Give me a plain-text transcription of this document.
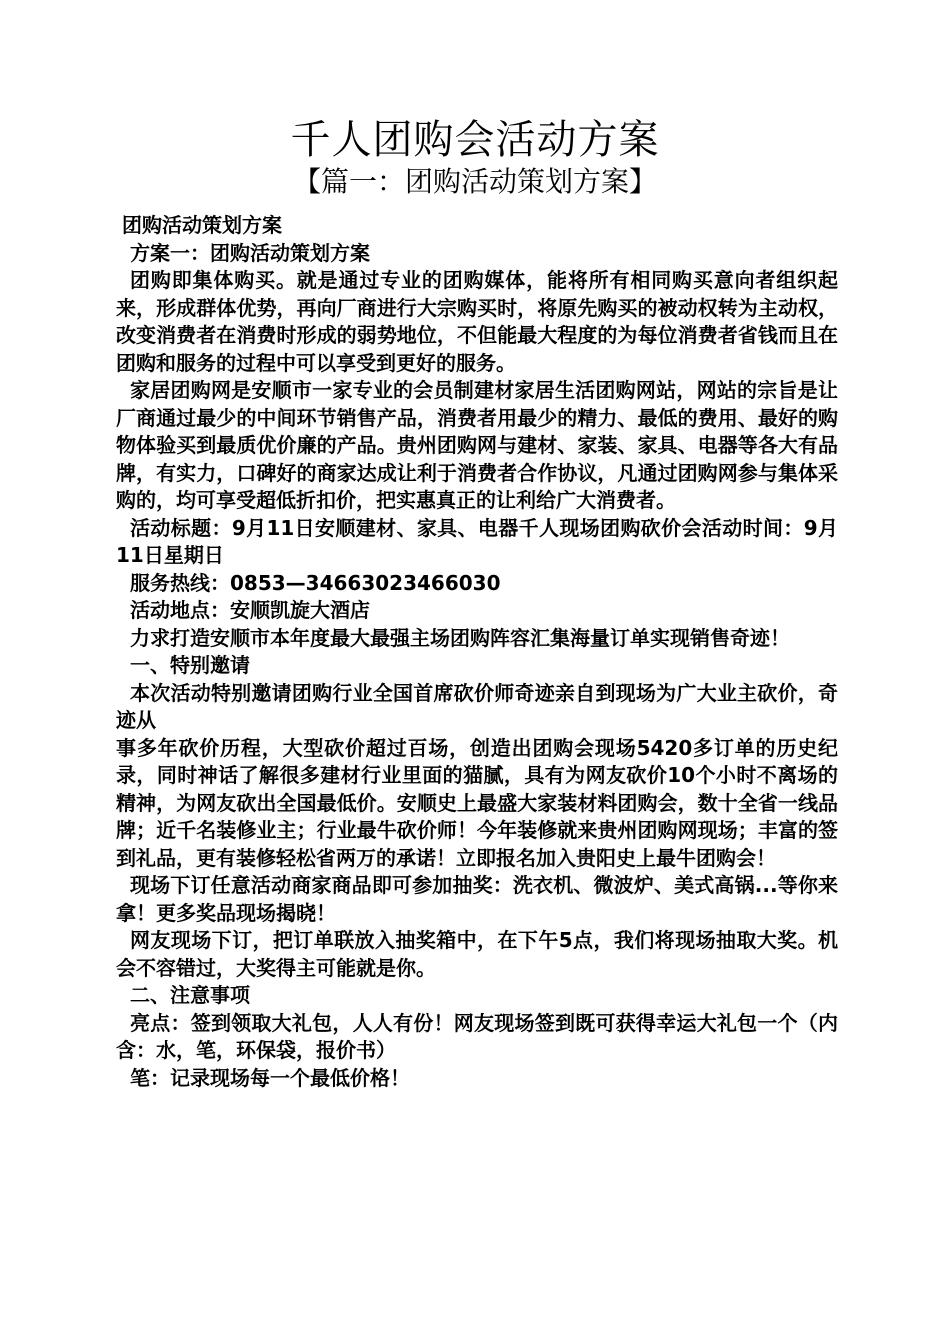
千人团购会活动方案
【篇一：团购活动策划方案】

团购活动策划方案

方案一：团购活动策划方案

团购即集体购买。就是通过专业的团购媒体，能将所有相同购买意向者组织起来，形成群体优势，再向厂商进行大宗购买时，将原先购买的被动权转为主动权，改变消费者在消费时形成的弱势地位，不但能最大程度的为每位消费者省钱而且在团购和服务的过程中可以享受到更好的服务。

家居团购网是安顺市一家专业的会员制建材家居生活团购网站，网站的宗旨是让厂商通过最少的中间环节销售产品，消费者用最少的精力、最低的费用、最好的购物体验买到最质优价廉的产品。贵州团购网与建材、家装、家具、电器等各大有品牌，有实力，口碑好的商家达成让利于消费者合作协议，凡通过团购网参与集体采购的，均可享受超低折扣价，把实惠真正的让利给广大消费者。

活动标题：9月11日安顺建材、家具、电器千人现场团购砍价会活动时间：9月11日星期日

服务热线：0853—34663023466030

活动地点：安顺凯旋大酒店

力求打造安顺市本年度最大最强主场团购阵容汇集海量订单实现销售奇迹！

一、特别邀请

本次活动特别邀请团购行业全国首席砍价师奇迹亲自到现场为广大业主砍价，奇迹从

事多年砍价历程，大型砍价超过百场，创造出团购会现场5420多订单的历史纪录，同时神话了解很多建材行业里面的猫腻，具有为网友砍价10个小时不离场的精神，为网友砍出全国最低价。安顺史上最盛大家装材料团购会，数十全省一线品牌；近千名装修业主；行业最牛砍价师！今年装修就来贵州团购网现场；丰富的签到礼品，更有装修轻松省两万的承诺！立即报名加入贵阳史上最牛团购会！

现场下订任意活动商家商品即可参加抽奖：洗衣机、微波炉、美式高锅...等你来拿！更多奖品现场揭晓！

网友现场下订，把订单联放入抽奖箱中，在下午5点，我们将现场抽取大奖。机会不容错过，大奖得主可能就是你。

二、注意事项

亮点：签到领取大礼包，人人有份！网友现场签到既可获得幸运大礼包一个（内含：水，笔，环保袋，报价书）

笔：记录现场每一个最低价格！
